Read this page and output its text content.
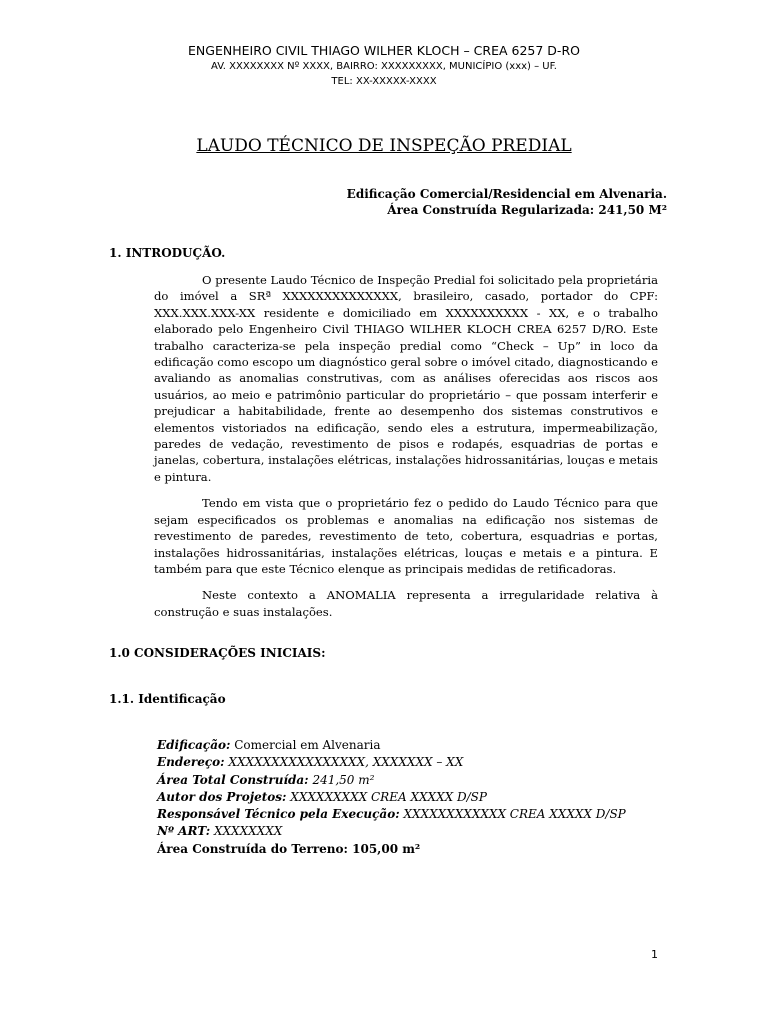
ENGENHEIRO CIVIL THIAGO WILHER KLOCH – CREA 6257 D-RO
AV. XXXXXXXX Nº XXXX, BAIRRO: XXXXXXXXX, MUNICÍPIO (xxx) – UF.
TEL: XX-XXXXX-XXXX
LAUDO TÉCNICO DE INSPEÇÃO PREDIAL
Edificação Comercial/Residencial em Alvenaria.
Área Construída Regularizada: 241,50 M²
1. INTRODUÇÃO.

O presente Laudo Técnico de Inspeção Predial foi solicitado pela proprietária do imóvel a SRª XXXXXXXXXXXXXX, brasileiro, casado, portador do CPF: XXX.XXX.XXX-XX residente e domiciliado em XXXXXXXXXX - XX, e o trabalho elaborado pelo Engenheiro Civil THIAGO WILHER KLOCH CREA 6257 D/RO. Este trabalho caracteriza-se pela inspeção predial como “Check – Up” in loco da edificação como escopo um diagnóstico geral sobre o imóvel citado, diagnosticando e avaliando as anomalias construtivas, com as análises oferecidas aos riscos aos usuários, ao meio e patrimônio particular do proprietário – que possam interferir e prejudicar a habitabilidade, frente ao desempenho dos sistemas construtivos e elementos vistoriados na edificação, sendo eles a estrutura, impermeabilização, paredes de vedação, revestimento de pisos e rodapés, esquadrias de portas e janelas, cobertura, instalações elétricas, instalações hidrossanitárias, louças e metais e pintura.

Tendo em vista que o proprietário fez o pedido do Laudo Técnico para que sejam especificados os problemas e anomalias na edificação nos sistemas de revestimento de paredes, revestimento de teto, cobertura, esquadrias e portas, instalações hidrossanitárias, instalações elétricas, louças e metais e a pintura. E também para que este Técnico elenque as principais medidas de retificadoras.

Neste contexto a ANOMALIA representa a irregularidade relativa à construção e suas instalações.

1.0 CONSIDERAÇÕES INICIAIS:
1.1. Identificação
Edificação: Comercial em Alvenaria
Endereço: XXXXXXXXXXXXXXXX, XXXXXXX – XX
Área Total Construída: 241,50 m²
Autor dos Projetos: XXXXXXXXX CREA XXXXX D/SP
Responsável Técnico pela Execução: XXXXXXXXXXXX CREA XXXXX D/SP
Nº ART: XXXXXXXX
Área Construída do Terreno: 105,00 m²
1
